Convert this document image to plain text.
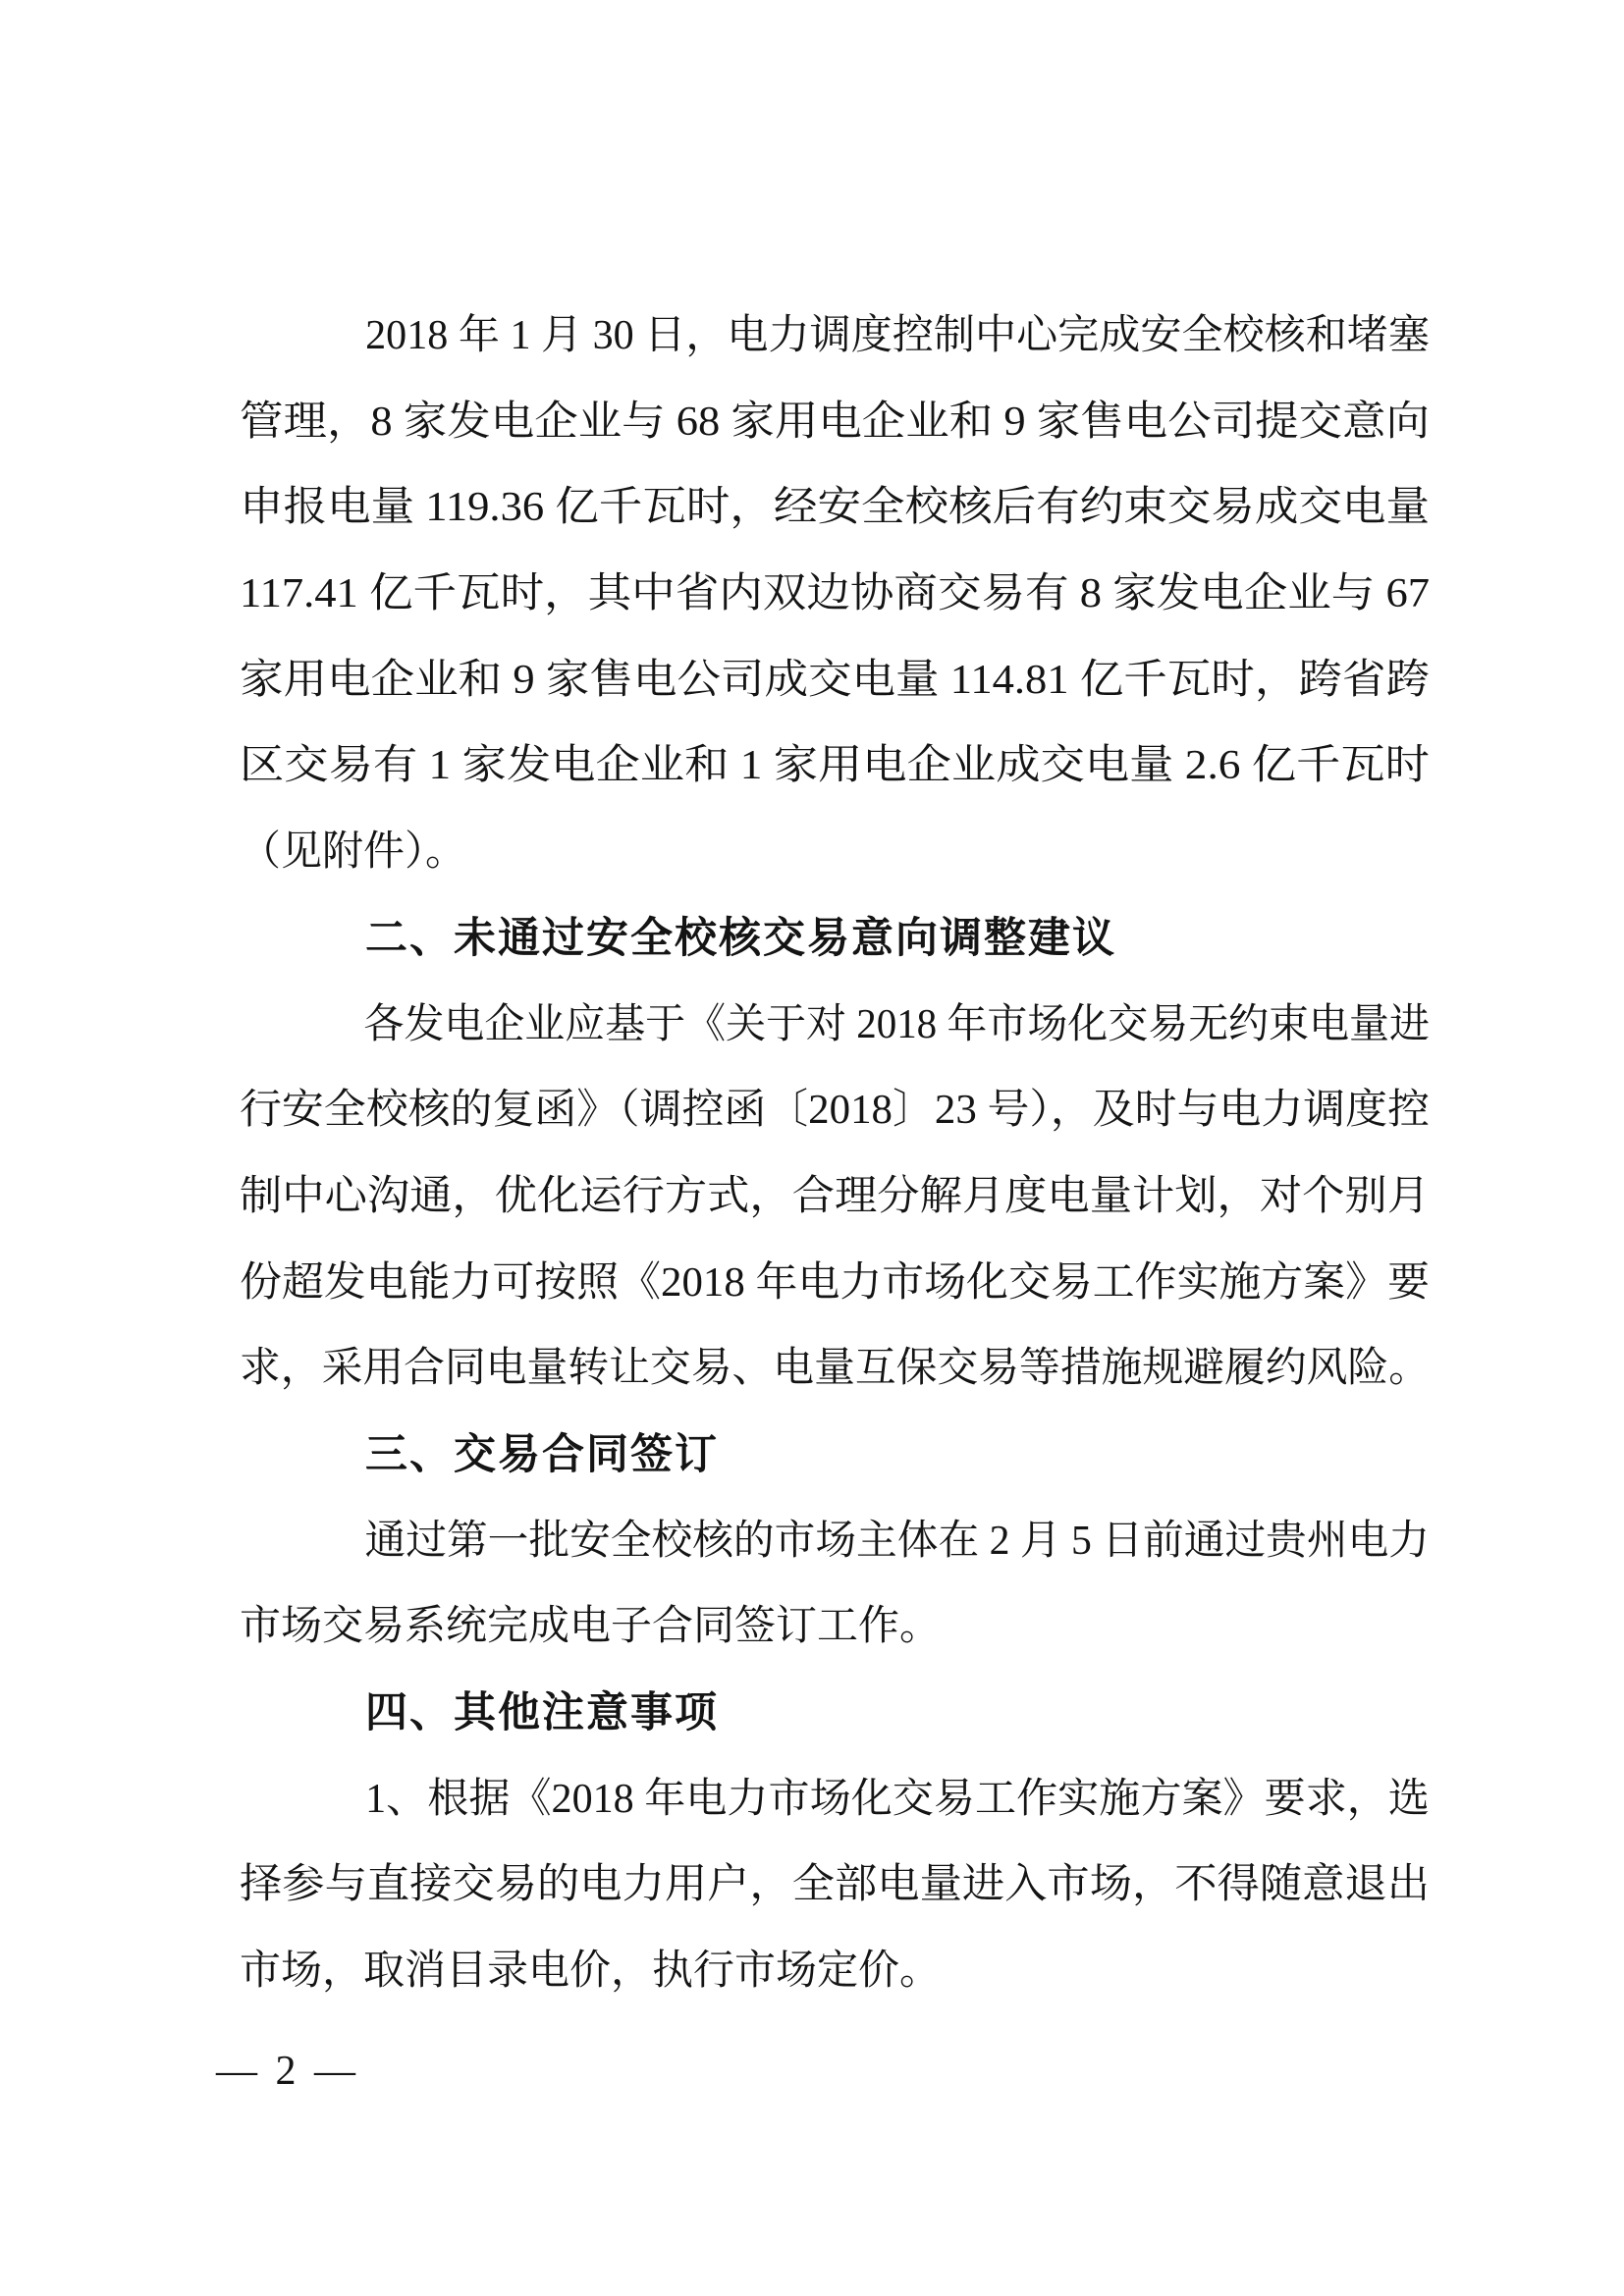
2018 年 1 月 30 日，电力调度控制中心完成安全校核和堵塞
管理，8 家发电企业与 68 家用电企业和 9 家售电公司提交意向
申报电量 119.36 亿千瓦时，经安全校核后有约束交易成交电量
117.41 亿千瓦时，其中省内双边协商交易有 8 家发电企业与 67
家用电企业和 9 家售电公司成交电量 114.81 亿千瓦时，跨省跨
区交易有 1 家发电企业和 1 家用电企业成交电量 2.6 亿千瓦时
（见附件）。
二、未通过安全校核交易意向调整建议
各发电企业应基于《关于对 2018 年市场化交易无约束电量进
行安全校核的复函》（调控函〔2018〕23 号），及时与电力调度控
制中心沟通，优化运行方式，合理分解月度电量计划，对个别月
份超发电能力可按照《2018 年电力市场化交易工作实施方案》要
求，采用合同电量转让交易、电量互保交易等措施规避履约风险。
三、交易合同签订
通过第一批安全校核的市场主体在 2 月 5 日前通过贵州电力
市场交易系统完成电子合同签订工作。
四、其他注意事项
1、根据《2018 年电力市场化交易工作实施方案》要求，选
择参与直接交易的电力用户，全部电量进入市场，不得随意退出
市场，取消目录电价，执行市场定价。
— 2 —
